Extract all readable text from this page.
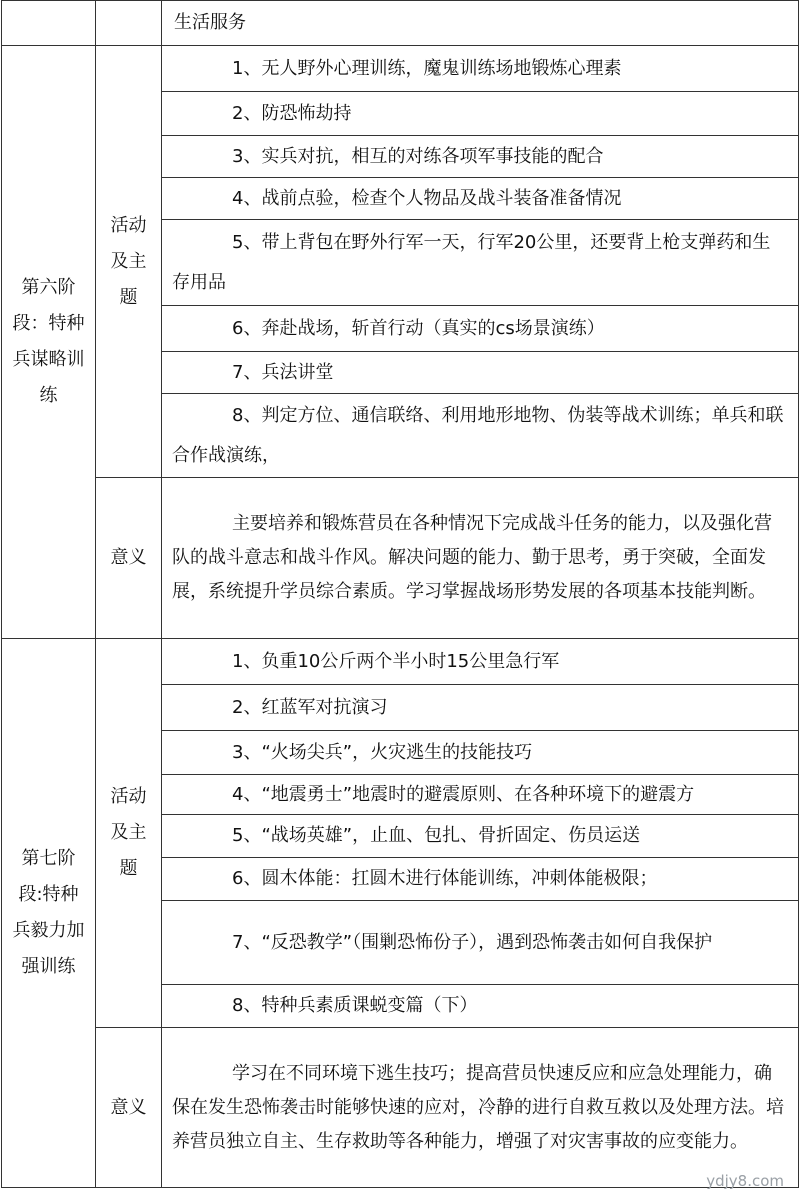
		生活服务

第六阶段：特种兵谋略训练	活动及主题	1、无人野外心理训练，魔鬼训练场地锻炼心理素

		2、防恐怖劫持

		3、实兵对抗，相互的对练各项军事技能的配合

		4、战前点验，检查个人物品及战斗装备准备情况

		5、带上背包在野外行军一天，行军20公里，还要背上枪支弹药和生存用品

		6、奔赴战场，斩首行动（真实的cs场景演练）

		7、兵法讲堂

		8、判定方位、通信联络、利用地形地物、伪装等战术训练；单兵和联合作战演练，

	意义	主要培养和锻炼营员在各种情况下完成战斗任务的能力，以及强化营队的战斗意志和战斗作风。解决问题的能力、勤于思考，勇于突破，全面发展，系统提升学员综合素质。学习掌握战场形势发展的各项基本技能判断。

第七阶段:特种兵毅力加强训练	活动及主题	1、负重10公斤两个半小时15公里急行军

		2、红蓝军对抗演习

		3、“火场尖兵”，火灾逃生的技能技巧

		4、“地震勇士”地震时的避震原则、在各种环境下的避震方

		5、“战场英雄”，止血、包扎、骨折固定、伤员运送

		6、圆木体能：扛圆木进行体能训练，冲刺体能极限；

		7、“反恐教学”（围剿恐怖份子），遇到恐怖袭击如何自我保护

		8、特种兵素质课蜕变篇（下）

	意义	学习在不同环境下逃生技巧；提高营员快速反应和应急处理能力，确保在发生恐怖袭击时能够快速的应对，冷静的进行自救互救以及处理方法。培养营员独立自主、生存救助等各种能力，增强了对灾害事故的应变能力。
ydjy8.com
